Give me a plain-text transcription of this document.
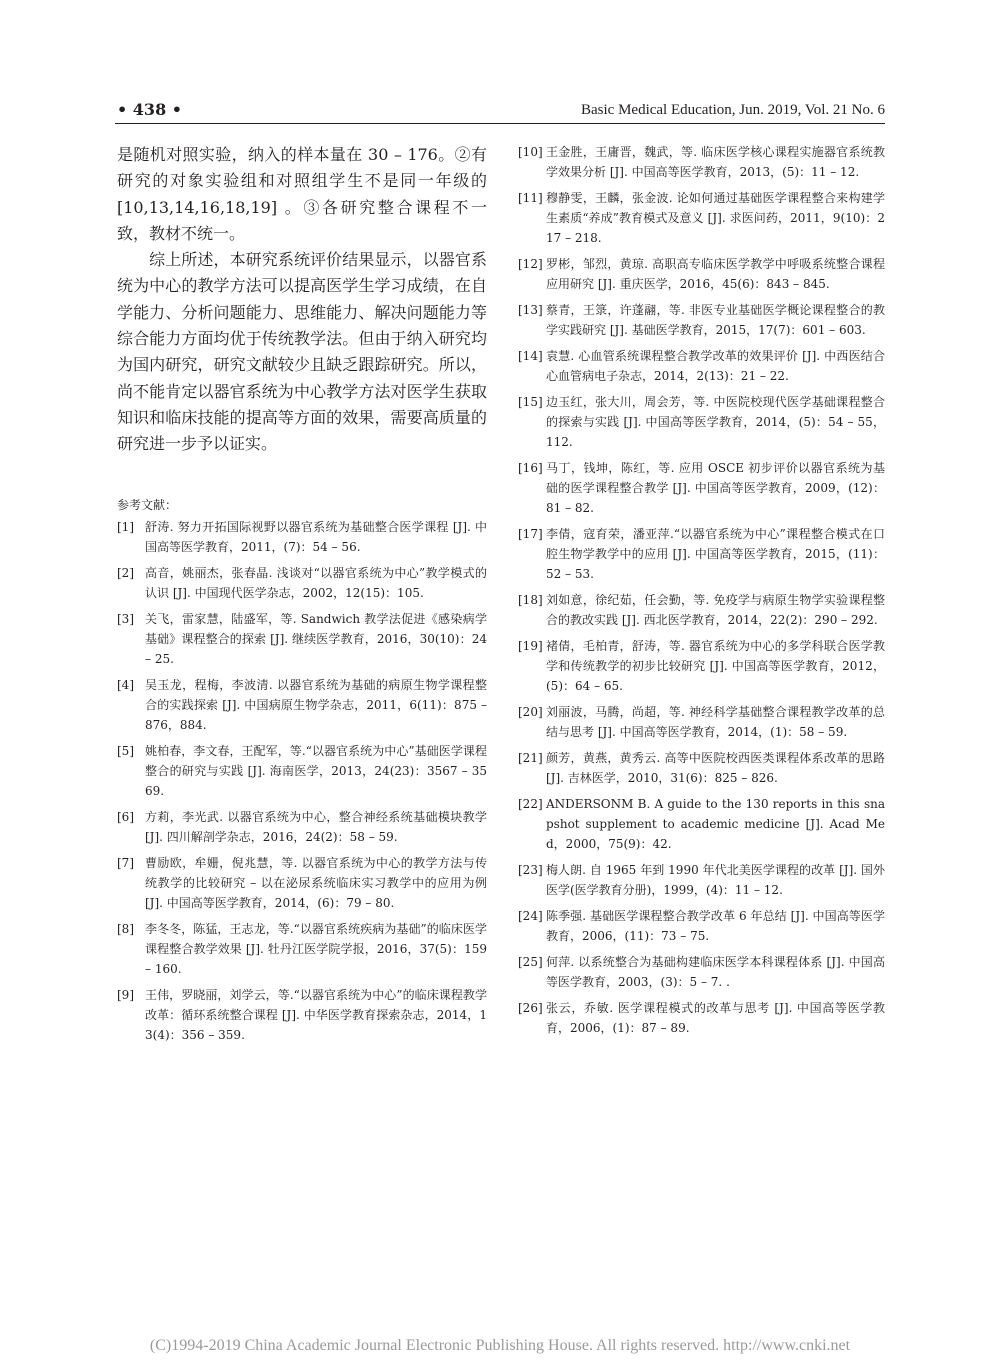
• 438 •	Basic Medical Education, Jun. 2019, Vol. 21 No. 6

是随机对照实验，纳入的样本量在 30 – 176。②有研究的对象实验组和对照组学生不是同一年级的 [10,13,14,16,18,19] 。③各研究整合课程不一致，教材不统一。

综上所述，本研究系统评价结果显示，以器官系统为中心的教学方法可以提高医学生学习成绩，在自学能力、分析问题能力、思维能力、解决问题能力等综合能力方面均优于传统教学法。但由于纳入研究均为国内研究，研究文献较少且缺乏跟踪研究。所以，尚不能肯定以器官系统为中心教学方法对医学生获取知识和临床技能的提高等方面的效果，需要高质量的研究进一步予以证实。

参考文献：
[1] 舒涛. 努力开拓国际视野以器官系统为基础整合医学课程 [J]. 中国高等医学教育，2011，(7)：54 – 56.
[2] 高音，姚丽杰，张春晶. 浅谈对“以器官系统为中心”教学模式的认识 [J]. 中国现代医学杂志，2002，12(15)：105.
[3] 关飞，雷家慧，陆盛军，等. Sandwich 教学法促进《感染病学基础》课程整合的探索 [J]. 继续医学教育，2016，30(10)：24 – 25.
[4] 吴玉龙，程梅，李波清. 以器官系统为基础的病原生物学课程整合的实践探索 [J]. 中国病原生物学杂志，2011，6(11)：875 – 876，884.
[5] 姚柏春，李文春，王配军，等.“以器官系统为中心”基础医学课程整合的研究与实践 [J]. 海南医学，2013，24(23)：3567 – 3569.
[6] 方莉，李光武. 以器官系统为中心，整合神经系统基础模块教学 [J]. 四川解剖学杂志，2016，24(2)：58 – 59.
[7] 曹励欧，牟姗，倪兆慧，等. 以器官系统为中心的教学方法与传统教学的比较研究 – 以在泌尿系统临床实习教学中的应用为例 [J]. 中国高等医学教育，2014，(6)：79 – 80.
[8] 李冬冬，陈猛，王志龙，等.“以器官系统疾病为基础”的临床医学课程整合教学效果 [J]. 牡丹江医学院学报，2016，37(5)：159 – 160.
[9] 王伟，罗晓丽，刘学云，等.“以器官系统为中心”的临床课程教学改革：循环系统整合课程 [J]. 中华医学教育探索杂志，2014，13(4)：356 – 359.
[10] 王金胜，王庸晋，魏武，等. 临床医学核心课程实施器官系统教学效果分析 [J]. 中国高等医学教育，2013，(5)：11 – 12.
[11] 穆静雯，王麟，张金波. 论如何通过基础医学课程整合来构建学生素质“养成”教育模式及意义 [J]. 求医问药，2011，9(10)：217 – 218.
[12] 罗彬，邹烈，黄琼. 高职高专临床医学教学中呼吸系统整合课程应用研究 [J]. 重庆医学，2016，45(6)：843 – 845.
[13] 蔡青，王箓，许蓬翮，等. 非医专业基础医学概论课程整合的教学实践研究 [J]. 基础医学教育，2015，17(7)：601 – 603.
[14] 袁慧. 心血管系统课程整合教学改革的效果评价 [J]. 中西医结合心血管病电子杂志，2014，2(13)：21 – 22.
[15] 边玉红，张大川，周会芳，等. 中医院校现代医学基础课程整合的探索与实践 [J]. 中国高等医学教育，2014，(5)：54 – 55，112.
[16] 马丁，钱坤，陈红，等. 应用 OSCE 初步评价以器官系统为基础的医学课程整合教学 [J]. 中国高等医学教育，2009，(12)：81 – 82.
[17] 李倩，寇育荣，潘亚萍.“以器官系统为中心”课程整合模式在口腔生物学教学中的应用 [J]. 中国高等医学教育，2015，(11)：52 – 53.
[18] 刘如意，徐纪茹，任会勤，等. 免疫学与病原生物学实验课程整合的教改实践 [J]. 西北医学教育，2014，22(2)：290 – 292.
[19] 褚倩，毛柏青，舒涛，等. 器官系统为中心的多学科联合医学教学和传统教学的初步比较研究 [J]. 中国高等医学教育，2012，(5)：64 – 65.
[20] 刘丽波，马腾，尚超，等. 神经科学基础整合课程教学改革的总结与思考 [J]. 中国高等医学教育，2014，(1)：58 – 59.
[21] 颜芳，黄燕，黄秀云. 高等中医院校西医类课程体系改革的思路 [J]. 吉林医学，2010，31(6)：825 – 826.
[22] ANDERSONM B. A guide to the 130 reports in this snapshot supplement to academic medicine [J]. Acad Med，2000，75(9)：42.
[23] 梅人朗. 自 1965 年到 1990 年代北美医学课程的改革 [J]. 国外医学(医学教育分册)，1999，(4)：11 – 12.
[24] 陈季强. 基础医学课程整合教学改革 6 年总结 [J]. 中国高等医学教育，2006，(11)：73 – 75.
[25] 何萍. 以系统整合为基础构建临床医学本科课程体系 [J]. 中国高等医学教育，2003，(3)：5 – 7. .
[26] 张云，乔敏. 医学课程模式的改革与思考 [J]. 中国高等医学教育，2006，(1)：87 – 89.
(C)1994-2019 China Academic Journal Electronic Publishing House. All rights reserved. http://www.cnki.net
